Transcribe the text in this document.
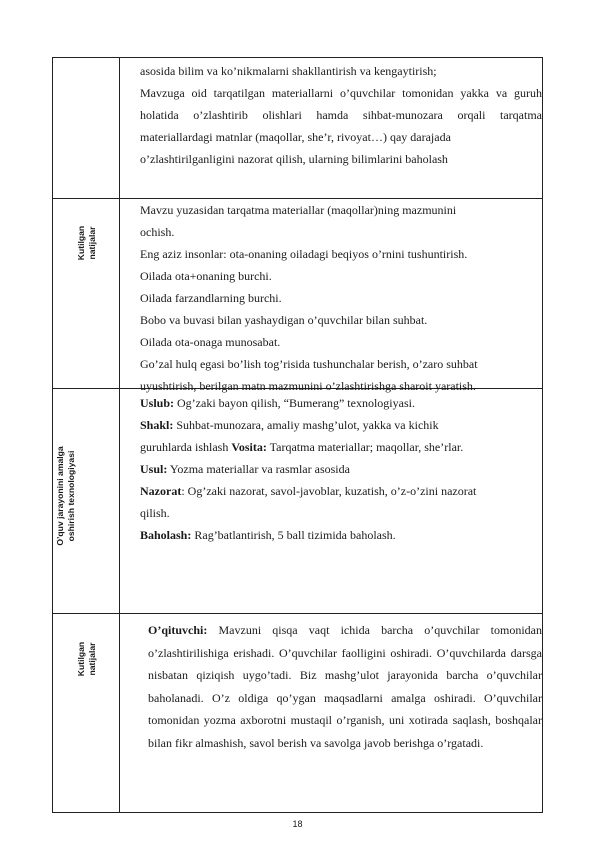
asosida bilim va ko’nikmalarni shakllantirish va kengaytirish;

Mavzuga oid tarqatilgan materiallarni o’quvchilar tomonidan yakka va guruh holatida o’zlashtirib olishlari hamda sihbat-munozara orqali tarqatma materiallardagi matnlar (maqollar, she’r, rivoyat…) qay darajada

o’zlashtirilganligini nazorat qilish, ularning bilimlarini baholash

Kutilgan natijalar

Mavzu yuzasidan tarqatma materiallar (maqollar)ning mazmunini

ochish.

Eng aziz insonlar: ota-onaning oiladagi beqiyos o’rnini tushuntirish.

Oilada ota+onaning burchi.

Oilada farzandlarning burchi.

Bobo va buvasi bilan yashaydigan o’quvchilar bilan suhbat.

Oilada ota-onaga munosabat.

Go’zal hulq egasi bo’lish tog’risida tushunchalar berish, o’zaro suhbat

uyushtirish, berilgan matn mazmunini o’zlashtirishga sharoit yaratish.

O’quv jarayonini amalga oshirish texnologiyasi

Uslub: Og’zaki bayon qilish, “Bumerang” texnologiyasi.

Shakl: Suhbat-munozara, amaliy mashg’ulot, yakka va kichik

guruhlarda ishlash Vosita: Tarqatma materiallar; maqollar, she’rlar.

Usul: Yozma materiallar va rasmlar asosida

Nazorat: Og’zaki nazorat, savol-javoblar, kuzatish, o’z-o’zini nazorat

qilish.

Baholash: Rag’batlantirish, 5 ball tizimida baholash.

Kutilgan natijalar

O’qituvchi: Mavzuni qisqa vaqt ichida barcha o’quvchilar tomonidan o’zlashtirilishiga erishadi. O’quvchilar faolligini oshiradi. O’quvchilarda darsga nisbatan qiziqish uygo’tadi. Biz mashg’ulot jarayonida barcha o’quvchilar baholanadi. O’z oldiga qo’ygan maqsadlarni amalga oshiradi. O’quvchilar tomonidan yozma axborotni mustaqil o’rganish, uni xotirada saqlash, boshqalar bilan fikr almashish, savol berish va savolga javob berishga o’rgatadi.

18
